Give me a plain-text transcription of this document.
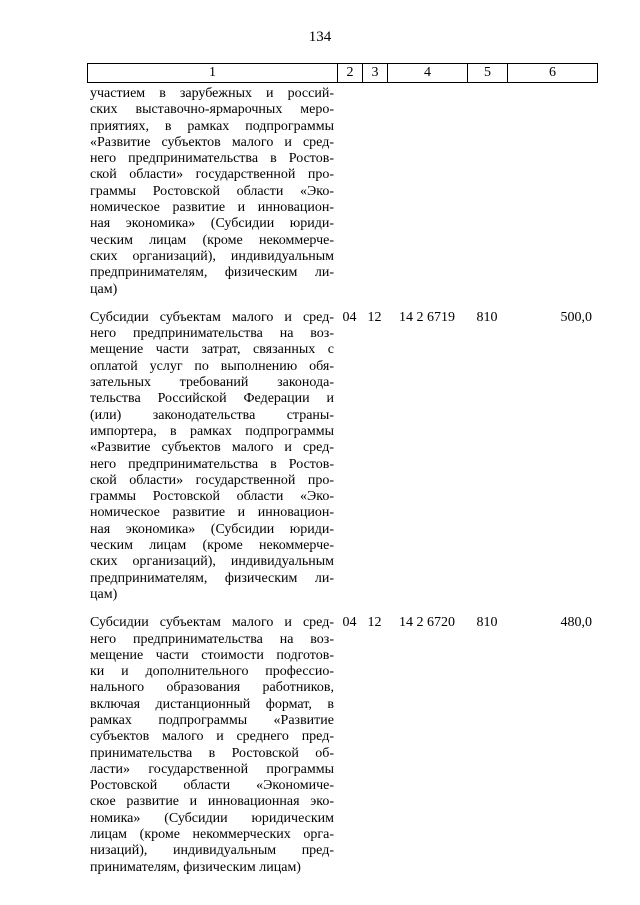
134
1	2	3	4	5	6
участием в зарубежных и россий-
ских выставочно-ярмарочных меро-
приятиях, в рамках подпрограммы
«Развитие субъектов малого и сред-
него предпринимательства в Ростов-
ской области» государственной про-
граммы Ростовской области «Эко-
номическое развитие и инновацион-
ная экономика» (Субсидии юриди-
ческим лицам (кроме некоммерче-
ских организаций), индивидуальным
предпринимателям, физическим ли-
цам)
Субсидии субъектам малого и сред-
него предпринимательства на воз-
мещение части затрат, связанных с
оплатой услуг по выполнению обя-
зательных требований законода-
тельства Российской Федерации и
(или) законодательства страны-
импортера, в рамках подпрограммы
«Развитие субъектов малого и сред-
него предпринимательства в Ростов-
ской области» государственной про-
граммы Ростовской области «Эко-
номическое развитие и инновацион-
ная экономика» (Субсидии юриди-
ческим лицам (кроме некоммерче-
ских организаций), индивидуальным
предпринимателям, физическим ли-
цам)
04 12	14 2 6719	810	500,0
Субсидии субъектам малого и сред-
него предпринимательства на воз-
мещение части стоимости подготов-
ки и дополнительного профессио-
нального образования работников,
включая дистанционный формат, в
рамках подпрограммы «Развитие
субъектов малого и среднего пред-
принимательства в Ростовской об-
ласти» государственной программы
Ростовской области «Экономиче-
ское развитие и инновационная эко-
номика» (Субсидии юридическим
лицам (кроме некоммерческих орга-
низаций), индивидуальным пред-
принимателям, физическим лицам)
04 12	14 2 6720	810	480,0
